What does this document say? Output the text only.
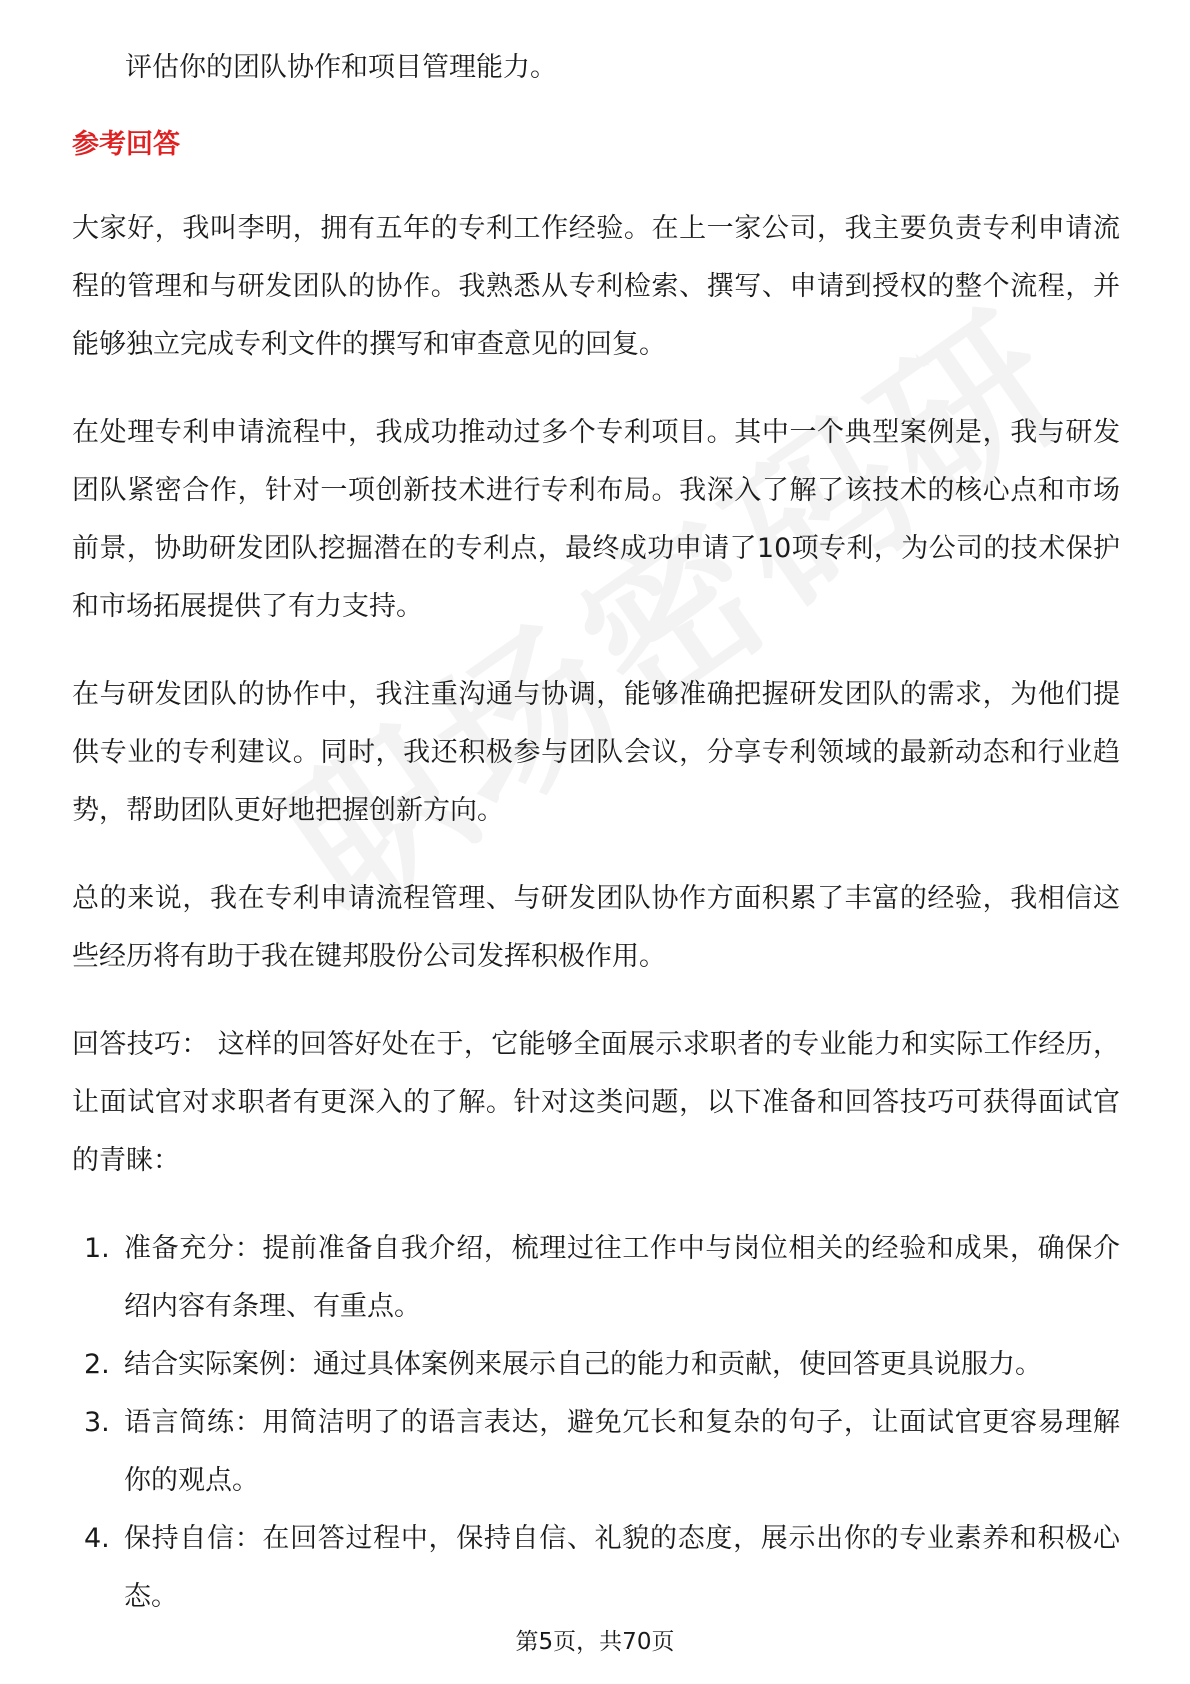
评估你的团队协作和项目管理能力。

参考回答

大家好，我叫李明，拥有五年的专利工作经验。在上一家公司，我主要负责专利申请流程的管理和与研发团队的协作。我熟悉从专利检索、撰写、申请到授权的整个流程，并能够独立完成专利文件的撰写和审查意见的回复。

在处理专利申请流程中，我成功推动过多个专利项目。其中一个典型案例是，我与研发团队紧密合作，针对一项创新技术进行专利布局。我深入了解了该技术的核心点和市场前景，协助研发团队挖掘潜在的专利点，最终成功申请了10项专利，为公司的技术保护和市场拓展提供了有力支持。

在与研发团队的协作中，我注重沟通与协调，能够准确把握研发团队的需求，为他们提供专业的专利建议。同时，我还积极参与团队会议，分享专利领域的最新动态和行业趋势，帮助团队更好地把握创新方向。

总的来说，我在专利申请流程管理、与研发团队协作方面积累了丰富的经验，我相信这些经历将有助于我在键邦股份公司发挥积极作用。

回答技巧： 这样的回答好处在于，它能够全面展示求职者的专业能力和实际工作经历，让面试官对求职者有更深入的了解。针对这类问题，以下准备和回答技巧可获得面试官的青睐：

1. 准备充分：提前准备自我介绍，梳理过往工作中与岗位相关的经验和成果，确保介绍内容有条理、有重点。
2. 结合实际案例：通过具体案例来展示自己的能力和贡献，使回答更具说服力。
3. 语言简练：用简洁明了的语言表达，避免冗长和复杂的句子，让面试官更容易理解你的观点。
4. 保持自信：在回答过程中，保持自信、礼貌的态度，展示出你的专业素养和积极心态。
第5页，共70页
